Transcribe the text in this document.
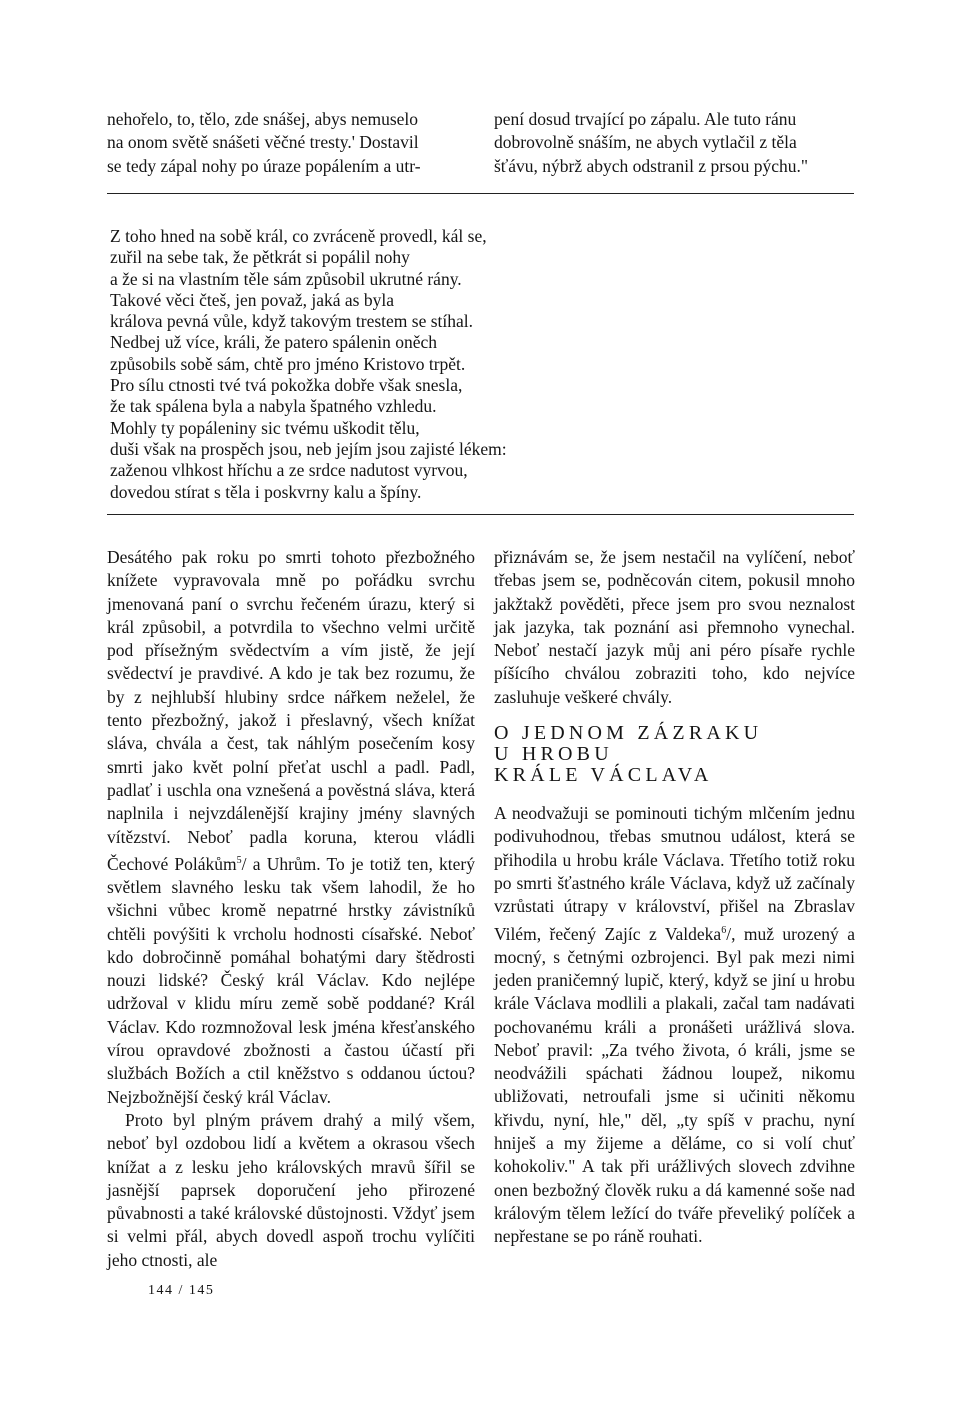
nehořelo, to, tělo, zde snášej, abys nemuselo
na onom světě snášeti věčné tresty.' Dostavil
se tedy zápal nohy po úraze popálením a utr-
pení dosud trvající po zápalu. Ale tuto ránu
dobrovolně snáším, ne abych vytlačil z těla
šťávu, nýbrž abych odstranil z prsou pýchu."
Z toho hned na sobě král, co zvráceně provedl, kál se,
zuřil na sebe tak, že pětkrát si popálil nohy
a že si na vlastním těle sám způsobil ukrutné rány.
Takové věci čteš, jen považ, jaká as byla
králova pevná vůle, když takovým trestem se stíhal.
Nedbej už více, králi, že patero spálenin oněch
způsobils sobě sám, chtě pro jméno Kristovo trpět.
Pro sílu ctnosti tvé tvá pokožka dobře však snesla,
že tak spálena byla a nabyla špatného vzhledu.
Mohly ty popáleniny sic tvému uškodit tělu,
duši však na prospěch jsou, neb jejím jsou zajisté lékem:
zaženou vlhkost hříchu a ze srdce nadutost vyrvou,
dovedou stírat s těla i poskvrny kalu a špíny.

Desátého pak roku po smrti tohoto přezbožného knížete vypravovala mně po pořádku svrchu jmenovaná paní o svrchu řečeném úrazu, který si král způsobil, a potvrdila to všechno velmi určitě pod přísežným svědectvím a vím jistě, že její svědectví je pravdivé. A kdo je tak bez rozumu, že by z nejhlubší hlubiny srdce nářkem neželel, že tento přezbožný, jakož i přeslavný, všech knížat sláva, chvála a čest, tak náhlým posečením kosy smrti jako květ polní přeťat uschl a padl. Padl, padlať i uschla ona vznešená a pověstná sláva, která naplnila i nejvzdálenější krajiny jmény slavných vítězství. Neboť padla koruna, kterou vládli Čechové Polákům$^5$/ a Uhrům. To je totiž ten, který světlem slavného lesku tak všem lahodil, že ho všichni vůbec kromě nepatrné hrstky závistníků chtěli povýšiti k vrcholu hodnosti císařské. Neboť kdo dobročinně pomáhal bohatými dary štědrosti nouzi lidské? Český král Václav. Kdo nejlépe udržoval v klidu míru země sobě poddané? Král Václav. Kdo rozmnožoval lesk jména křesťanského vírou opravdové zbožnosti a častou účastí při službách Božích a ctil kněžstvo s oddanou úctou? Nejzbožnější český král Václav.

Proto byl plným právem drahý a milý všem, neboť byl ozdobou lidí a květem a okrasou všech knížat a z lesku jeho královských mravů šířil se jasnější paprsek doporučení jeho přirozené půvabnosti a také královské důstojnosti. Vždyť jsem si velmi přál, abych dovedl aspoň trochu vylíčiti jeho ctnosti, ale

přiznávám se, že jsem nestačil na vylíčení, neboť třebas jsem se, podněcován citem, pokusil mnoho jakžtakž pověděti, přece jsem pro svou neznalost jak jazyka, tak poznání asi přemnoho vynechal. Neboť nestačí jazyk můj ani péro písaře rychle píšícího chválou zobraziti toho, kdo nejvíce zasluhuje veškeré chvály.

O JEDNOM ZÁZRAKU
U HROBU
KRÁLE VÁCLAVA

A neodvažuji se pominouti tichým mlčením jednu podivuhodnou, třebas smutnou událost, která se přihodila u hrobu krále Václava. Třetího totiž roku po smrti šťastného krále Václava, když už začínaly vzrůstati útrapy v království, přišel na Zbraslav Vilém, řečený Zajíc z Valdeka$^6$/, muž urozený a mocný, s četnými ozbrojenci. Byl pak mezi nimi jeden praničemný lupič, který, když se jiní u hrobu krále Václava modlili a plakali, začal tam nadávati pochovanému králi a pronášeti urážlivá slova. Neboť pravil: „Za tvého života, ó králi, jsme se neodvážili spáchati žádnou loupež, nikomu ubližovati, netroufali jsme si učiniti někomu křivdu, nyní, hle," děl, „ty spíš v prachu, nyní hniješ a my žijeme a děláme, co si volí chuť kohokoliv." A tak při urážlivých slovech zdvihne onen bezbožný člověk ruku a dá kamenné soše nad královým tělem ležící do tváře převeliký políček a nepřestane se po ráně rouhati.

144 / 145
